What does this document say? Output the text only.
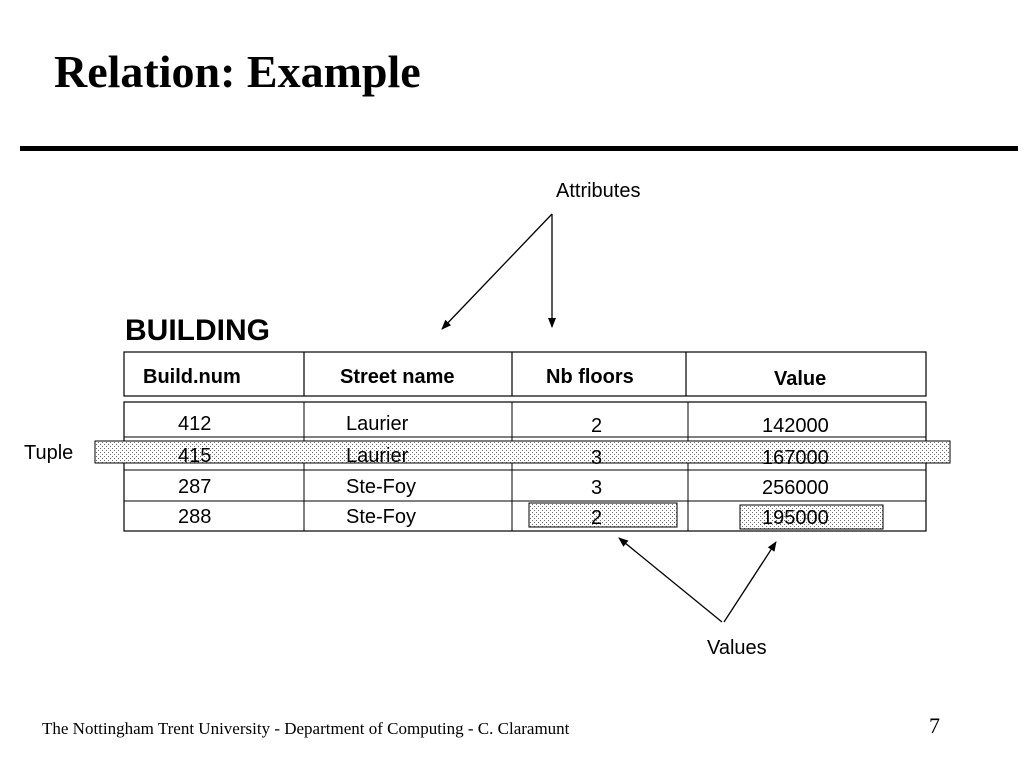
Relation: Example
Attributes
BUILDING
Tuple
Values
Build.num	Street name	Nb floors	Value
412	Laurier	2	142000
415	Laurier	3	167000
287	Ste-Foy	3	256000
288	Ste-Foy	2	195000
The Nottingham Trent University - Department of Computing - C. Claramunt	7
